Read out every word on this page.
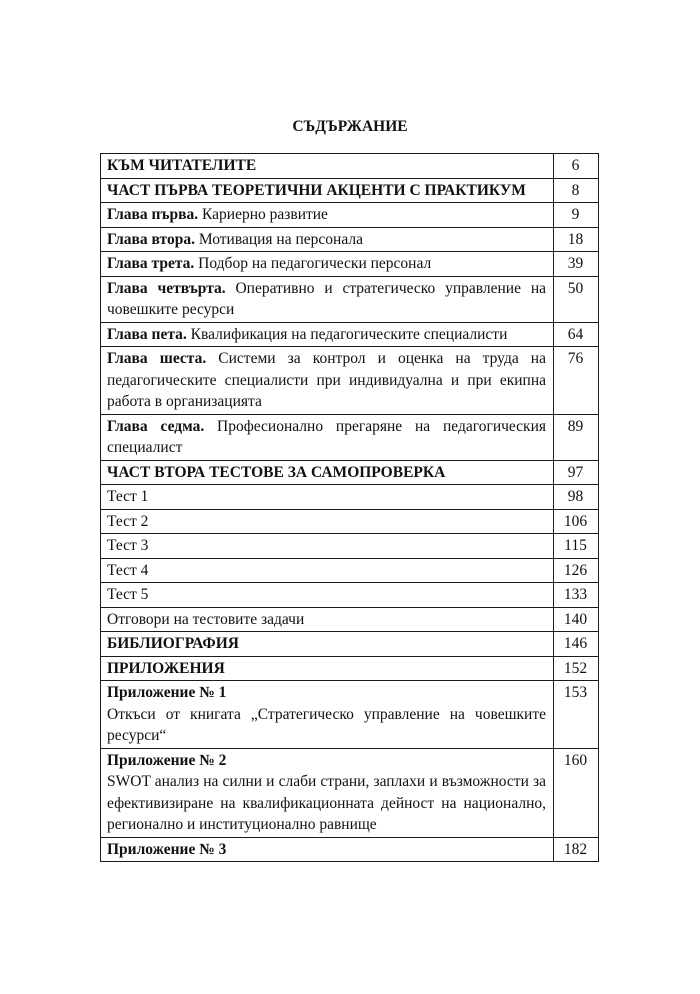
СЪДЪРЖАНИЕ
КЪМ ЧИТАТЕЛИТЕ	6
ЧАСТ ПЪРВА ТЕОРЕТИЧНИ АКЦЕНТИ С ПРАКТИКУМ	8
Глава първа. Кариерно развитие	9
Глава втора. Мотивация на персонала	18
Глава трета. Подбор на педагогически персонал	39
Глава четвърта. Оперативно и стратегическо управление на човешките ресурси	50
Глава пета. Квалификация на педагогическите специалисти	64
Глава шеста. Системи за контрол и оценка на труда на педагогическите специалисти при индивидуална и при екипна работа в организацията	76
Глава седма. Професионално прегаряне на педагогическия специалист	89
ЧАСТ ВТОРА ТЕСТОВЕ ЗА САМОПРОВЕРКА	97
Тест 1	98
Тест 2	106
Тест 3	115
Тест 4	126
Тест 5	133
Отговори на тестовите задачи	140
БИБЛИОГРАФИЯ	146
ПРИЛОЖЕНИЯ	152

Приложение № 1
Откъси от книгата „Стратегическо управление на човешките ресурси“	153

Приложение № 2
SWOT анализ на силни и слаби страни, заплахи и възможности за ефективизиране на квалификационната дейност на национално, регионално и институционално равнище	160
Приложение № 3	182
